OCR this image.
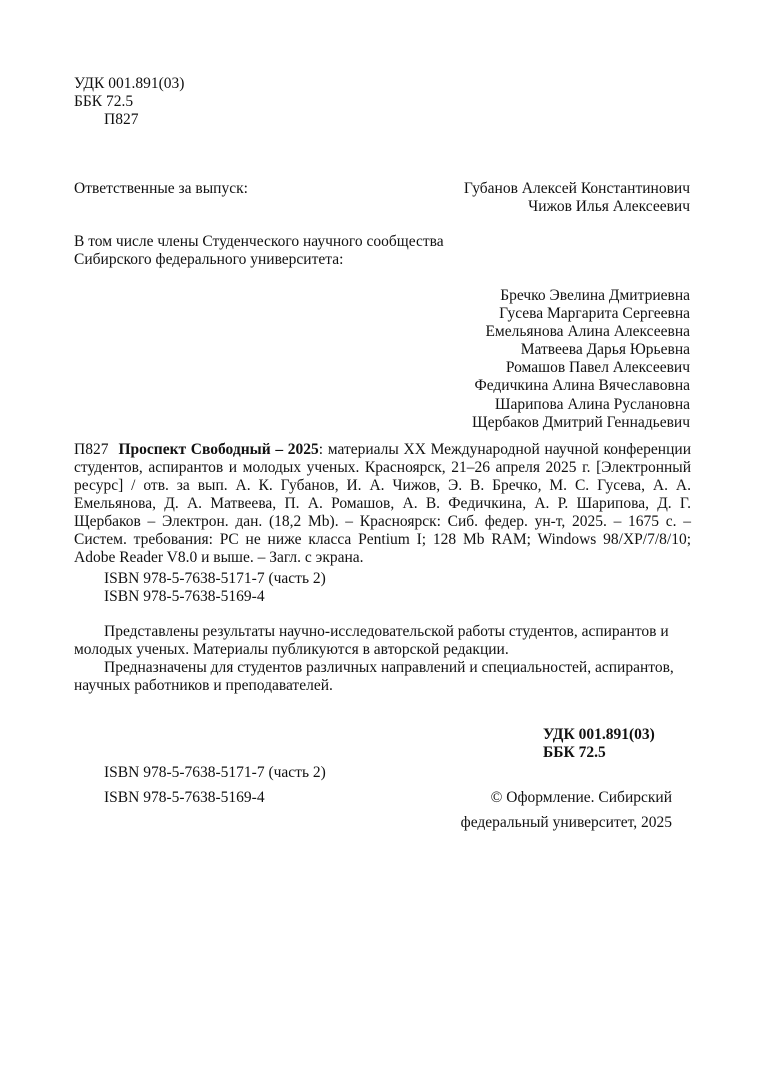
УДК 001.891(03)
ББК 72.5
П827
Ответственные за выпуск:	Губанов Алексей Константинович
Чижов Илья Алексеевич
В том числе члены Студенческого научного сообщества
Сибирского федерального университета:
Бречко Эвелина Дмитриевна
Гусева Маргарита Сергеевна
Емельянова Алина Алексеевна
Матвеева Дарья Юрьевна
Ромашов Павел Алексеевич
Федичкина Алина Вячеславовна
Шарипова Алина Руслановна
Щербаков Дмитрий Геннадьевич
П827 Проспект Свободный – 2025: материалы XX Международной научной конференции студентов, аспирантов и молодых ученых. Красноярск, 21–26 апреля 2025 г. [Электронный ресурс] / отв. за вып. А. К. Губанов, И. А. Чижов, Э. В. Бречко, М. С. Гусева, А. А. Емельянова, Д. А. Матвеева, П. А. Ромашов, А. В. Федичкина, А. Р. Шарипова, Д. Г. Щербаков – Электрон. дан. (18,2 Mb). – Красноярск: Сиб. федер. ун-т, 2025. – 1675 с. – Систем. требования: PC не ниже класса Pentium I; 128 Mb RAM; Windows 98/XP/7/8/10; Adobe Reader V8.0 и выше. – Загл. с экрана.
ISBN 978-5-7638-5171-7 (часть 2)
ISBN 978-5-7638-5169-4

Представлены результаты научно-исследовательской работы студентов, аспирантов и молодых ученых. Материалы публикуются в авторской редакции.

Предназначены для студентов различных направлений и специальностей, аспирантов, научных работников и преподавателей.

УДК 001.891(03)
ББК 72.5
ISBN 978-5-7638-5171-7 (часть 2)
ISBN 978-5-7638-5169-4	© Оформление. Сибирский
федеральный университет, 2025
